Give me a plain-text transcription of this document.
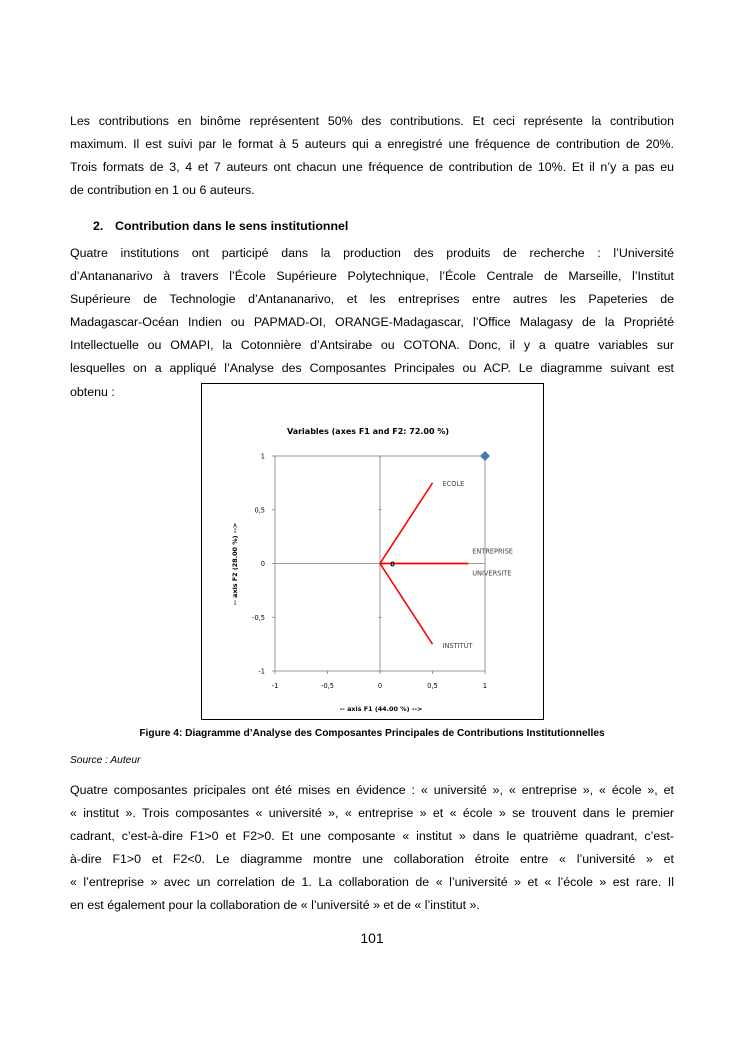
Les contributions en binôme représentent 50% des contributions. Et ceci représente la contribution
maximum. Il est suivi par le format à 5 auteurs qui a enregistré une fréquence de contribution de 20%.
Trois formats de 3, 4 et 7 auteurs ont chacun une fréquence de contribution de 10%. Et il n’y a pas eu
de contribution en 1 ou 6 auteurs.

2. Contribution dans le sens institutionnel

Quatre institutions ont participé dans la production des produits de recherche : l’Université
d’Antananarivo à travers l’École Supérieure Polytechnique, l’École Centrale de Marseille, l’Institut
Supérieure de Technologie d’Antananarivo, et les entreprises entre autres les Papeteries de
Madagascar-Océan Indien ou PAPMAD-OI, ORANGE-Madagascar, l’Office Malagasy de la Propriété
Intellectuelle ou OMAPI, la Cotonnière d’Antsirabe ou COTONA. Donc, il y a quatre variables sur
lesquelles on a appliqué l’Analyse des Composantes Principales ou ACP. Le diagramme suivant est
obtenu :
Variables (axes F1 and F2: 72.00 %)
-1	-0,5	0	0,5	1
1
0,5
0
-0,5
-1
ECOLE
ENTREPRISE
UNIVERSITE
INSTITUT
0
-- axis F1 (44.00 %) -->
-- axis F2 (28.00 %) -->

Figure 4: Diagramme d’Analyse des Composantes Principales de Contributions Institutionnelles

Source : Auteur

Quatre composantes pricipales ont été mises en évidence : « université », « entreprise », « école », et
« institut ». Trois composantes « université », « entreprise » et « école » se trouvent dans le premier
cadrant, c’est-à-dire F1>0 et F2>0. Et une composante « institut » dans le quatrième quadrant, c’est-
à-dire F1>0 et F2<0. Le diagramme montre une collaboration étroite entre « l’université » et
« l’entreprise » avec un correlation de 1. La collaboration de « l’université » et « l’école » est rare. Il
en est également pour la collaboration de « l’université » et de « l’institut ».

101
